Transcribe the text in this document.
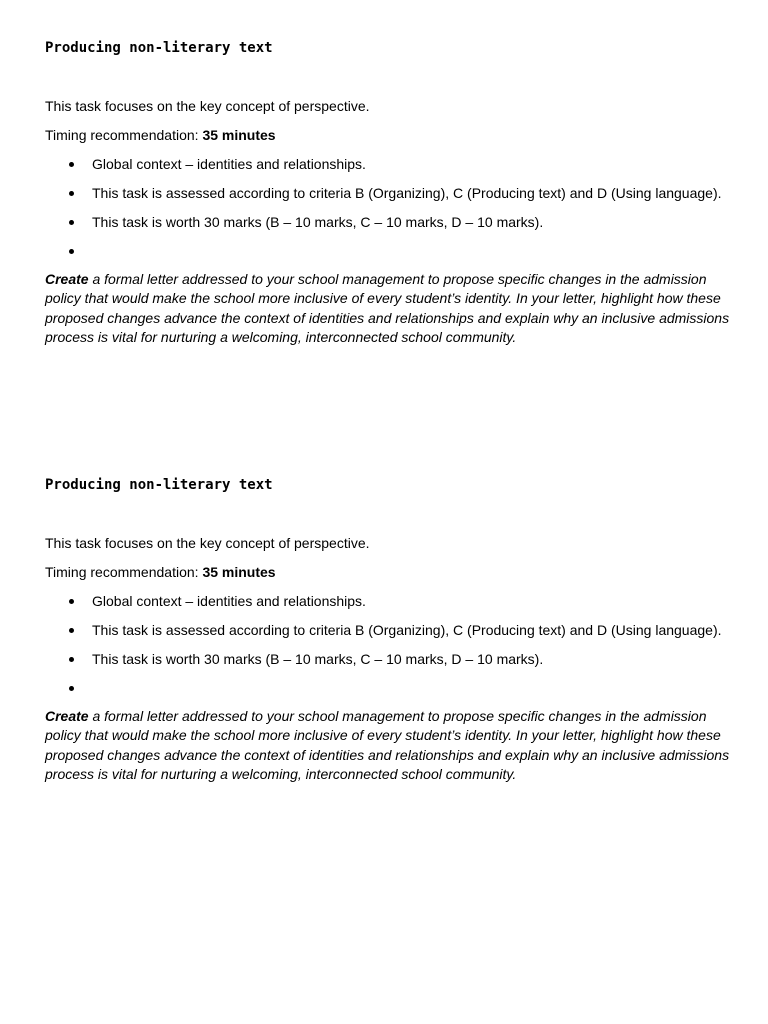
Producing non-literary text

This task focuses on the key concept of perspective.

Timing recommendation: 35 minutes

Global context – identities and relationships.
This task is assessed according to criteria B (Organizing), C (Producing text) and D (Using language).
This task is worth 30 marks (B – 10 marks, C – 10 marks, D – 10 marks).

Create a formal letter addressed to your school management to propose specific changes in the admission
policy that would make the school more inclusive of every student’s identity. In your letter, highlight how these
proposed changes advance the context of identities and relationships and explain why an inclusive admissions
process is vital for nurturing a welcoming, interconnected school community.

Producing non-literary text

This task focuses on the key concept of perspective.

Timing recommendation: 35 minutes

Global context – identities and relationships.
This task is assessed according to criteria B (Organizing), C (Producing text) and D (Using language).
This task is worth 30 marks (B – 10 marks, C – 10 marks, D – 10 marks).

Create a formal letter addressed to your school management to propose specific changes in the admission
policy that would make the school more inclusive of every student’s identity. In your letter, highlight how these
proposed changes advance the context of identities and relationships and explain why an inclusive admissions
process is vital for nurturing a welcoming, interconnected school community.
